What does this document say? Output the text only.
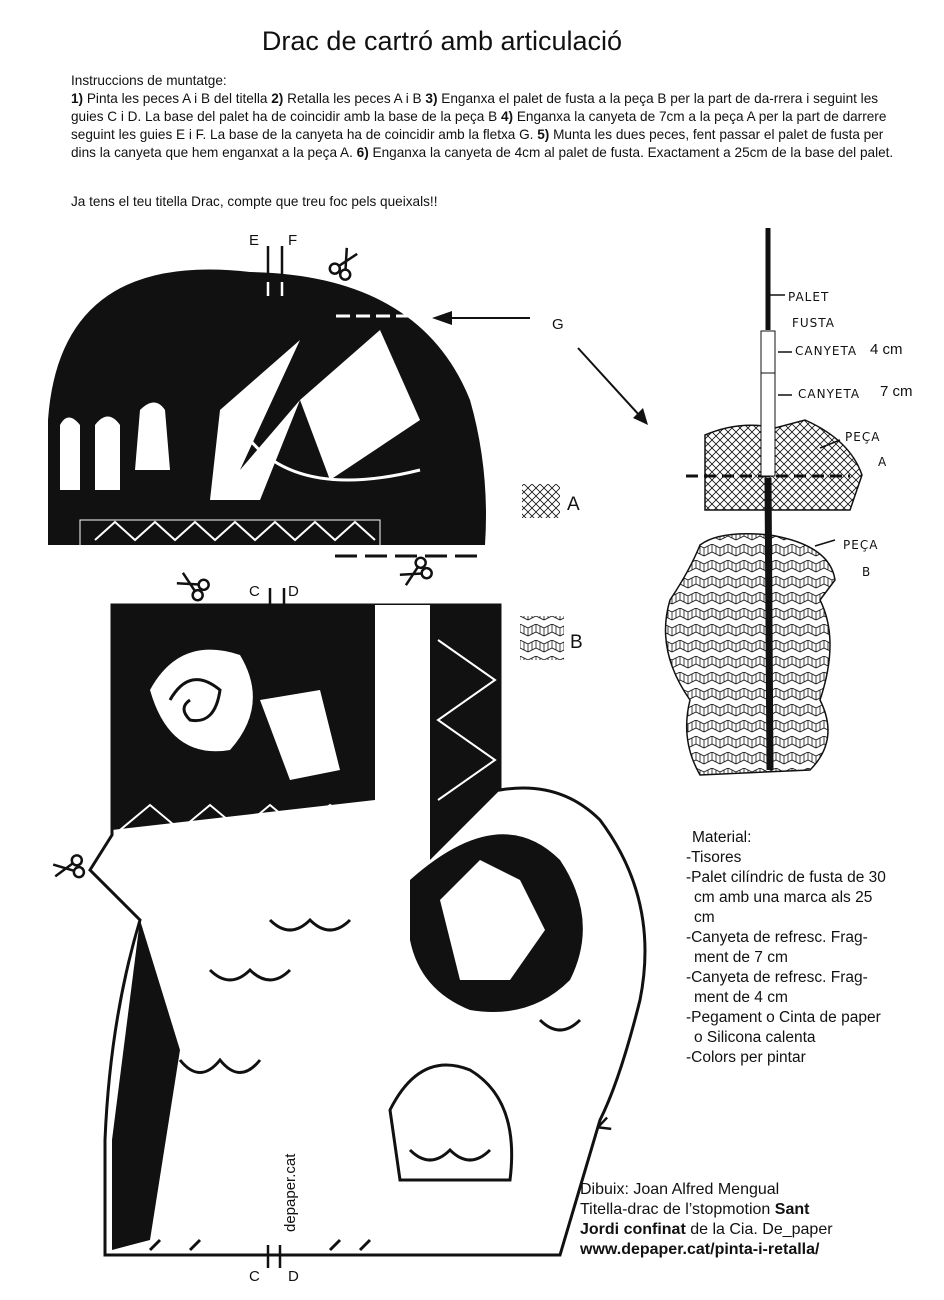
Drac de cartró amb articulació

Instruccions de muntatge:

1) Pinta les peces A i B del titella 2) Retalla les peces A i B 3) Enganxa el palet de fusta a la peça B per la part de da-rrera i seguint les guies C i D. La base del palet ha de coincidir amb la base de la peça B 4) Enganxa la canyeta de 7cm a la peça A per la part de darrere seguint les guies E i F. La base de la canyeta ha de coincidir amb la fletxa G. 5) Munta les dues peces, fent passar el palet de fusta per dins la canyeta que hem enganxat a la peça A. 6) Enganxa la canyeta de 4cm al palet de fusta. Exactament a 25cm de la base del palet.

Ja tens el teu titella Drac, compte que treu foc pels queixals!!
E F
G
A
B
C D
C D
PALET
FUSTA
CANYETA 4 cm
CANYETA 7 cm
PEÇA
A
PEÇA
B
Material:
-Tisores
-Palet cilíndric de fusta de 30
cm amb una marca als 25
cm
-Canyeta de refresc. Frag-
ment de 7 cm
-Canyeta de refresc. Frag-
ment de 4 cm
-Pegament o Cinta de paper
o Silicona calenta
-Colors per pintar
Dibuix: Joan Alfred Mengual
Titella-drac de l’stopmotion Sant
Jordi confinat de la Cia. De_paper
www.depaper.cat/pinta-i-retalla/
depaper.cat
